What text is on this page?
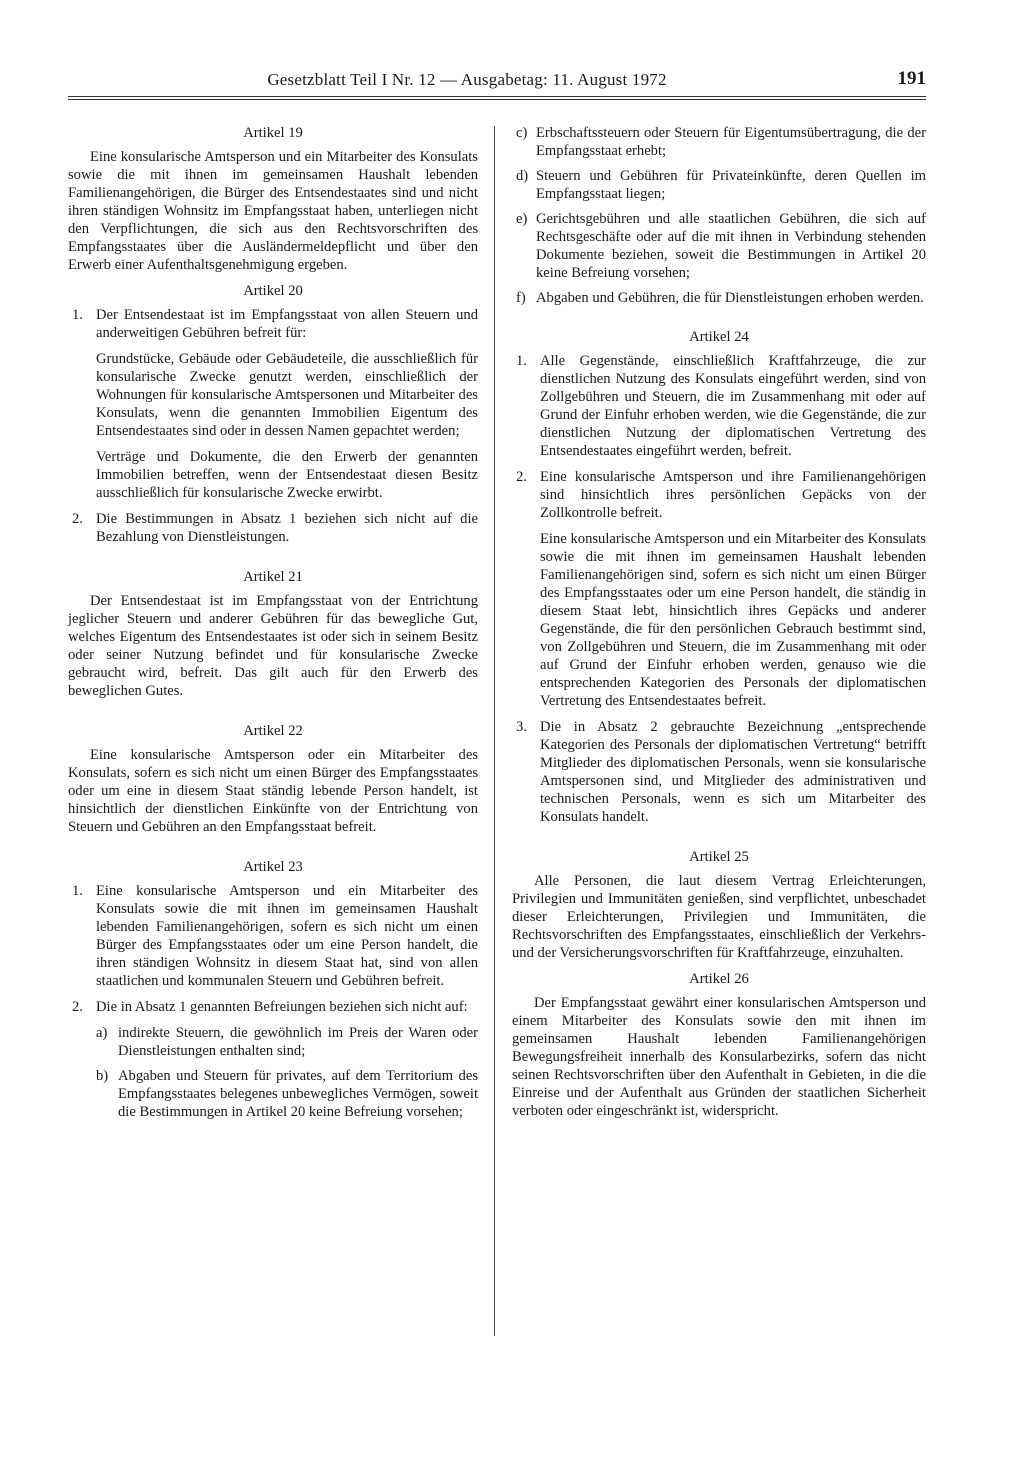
Gesetzblatt Teil I Nr. 12 — Ausgabetag: 11. August 1972	191
Artikel 19

Eine konsularische Amtsperson und ein Mitarbeiter des Konsulats sowie die mit ihnen im gemeinsamen Haushalt lebenden Familienangehörigen, die Bürger des Entsendestaates sind und nicht ihren ständigen Wohnsitz im Empfangsstaat haben, unterliegen nicht den Verpflichtungen, die sich aus den Rechtsvorschriften des Empfangsstaates über die Ausländermeldepflicht und über den Erwerb einer Aufenthaltsgenehmigung ergeben.

Artikel 20
1. Der Entsendestaat ist im Empfangsstaat von allen Steuern und anderweitigen Gebühren befreit für:

Grundstücke, Gebäude oder Gebäudeteile, die ausschließlich für konsularische Zwecke genutzt werden, einschließlich der Wohnungen für konsularische Amtspersonen und Mitarbeiter des Konsulats, wenn die genannten Immobilien Eigentum des Entsendestaates sind oder in dessen Namen gepachtet werden;

Verträge und Dokumente, die den Erwerb der genannten Immobilien betreffen, wenn der Entsendestaat diesen Besitz ausschließlich für konsularische Zwecke erwirbt.

2. Die Bestimmungen in Absatz 1 beziehen sich nicht auf die Bezahlung von Dienstleistungen.
Artikel 21

Der Entsendestaat ist im Empfangsstaat von der Entrichtung jeglicher Steuern und anderer Gebühren für das bewegliche Gut, welches Eigentum des Entsendestaates ist oder sich in seinem Besitz oder seiner Nutzung befindet und für konsularische Zwecke gebraucht wird, befreit. Das gilt auch für den Erwerb des beweglichen Gutes.

Artikel 22

Eine konsularische Amtsperson oder ein Mitarbeiter des Konsulats, sofern es sich nicht um einen Bürger des Empfangsstaates oder um eine in diesem Staat ständig lebende Person handelt, ist hinsichtlich der dienstlichen Einkünfte von der Entrichtung von Steuern und Gebühren an den Empfangsstaat befreit.

Artikel 23
1. Eine konsularische Amtsperson und ein Mitarbeiter des Konsulats sowie die mit ihnen im gemeinsamen Haushalt lebenden Familienangehörigen, sofern es sich nicht um einen Bürger des Empfangsstaates oder um eine Person handelt, die ihren ständigen Wohnsitz in diesem Staat hat, sind von allen staatlichen und kommunalen Steuern und Gebühren befreit.
2. Die in Absatz 1 genannten Befreiungen beziehen sich nicht auf:
a) indirekte Steuern, die gewöhnlich im Preis der Waren oder Dienstleistungen enthalten sind;
b) Abgaben und Steuern für privates, auf dem Territorium des Empfangsstaates belegenes unbewegliches Vermögen, soweit die Bestimmungen in Artikel 20 keine Befreiung vorsehen;
c) Erbschaftssteuern oder Steuern für Eigentumsübertragung, die der Empfangsstaat erhebt;
d) Steuern und Gebühren für Privateinkünfte, deren Quellen im Empfangsstaat liegen;
e) Gerichtsgebühren und alle staatlichen Gebühren, die sich auf Rechtsgeschäfte oder auf die mit ihnen in Verbindung stehenden Dokumente beziehen, soweit die Bestimmungen in Artikel 20 keine Befreiung vorsehen;
f) Abgaben und Gebühren, die für Dienstleistungen erhoben werden.
Artikel 24
1. Alle Gegenstände, einschließlich Kraftfahrzeuge, die zur dienstlichen Nutzung des Konsulats eingeführt werden, sind von Zollgebühren und Steuern, die im Zusammenhang mit oder auf Grund der Einfuhr erhoben werden, wie die Gegenstände, die zur dienstlichen Nutzung der diplomatischen Vertretung des Entsendestaates eingeführt werden, befreit.
2. Eine konsularische Amtsperson und ihre Familienangehörigen sind hinsichtlich ihres persönlichen Gepäcks von der Zollkontrolle befreit.

Eine konsularische Amtsperson und ein Mitarbeiter des Konsulats sowie die mit ihnen im gemeinsamen Haushalt lebenden Familienangehörigen sind, sofern es sich nicht um einen Bürger des Empfangsstaates oder um eine Person handelt, die ständig in diesem Staat lebt, hinsichtlich ihres Gepäcks und anderer Gegenstände, die für den persönlichen Gebrauch bestimmt sind, von Zollgebühren und Steuern, die im Zusammenhang mit oder auf Grund der Einfuhr erhoben werden, genauso wie die entsprechenden Kategorien des Personals der diplomatischen Vertretung des Entsendestaates befreit.

3. Die in Absatz 2 gebrauchte Bezeichnung „entsprechende Kategorien des Personals der diplomatischen Vertretung“ betrifft Mitglieder des diplomatischen Personals, wenn sie konsularische Amtspersonen sind, und Mitglieder des administrativen und technischen Personals, wenn es sich um Mitarbeiter des Konsulats handelt.
Artikel 25

Alle Personen, die laut diesem Vertrag Erleichterungen, Privilegien und Immunitäten genießen, sind verpflichtet, unbeschadet dieser Erleichterungen, Privilegien und Immunitäten, die Rechtsvorschriften des Empfangsstaates, einschließlich der Verkehrs- und der Versicherungsvorschriften für Kraftfahrzeuge, einzuhalten.

Artikel 26

Der Empfangsstaat gewährt einer konsularischen Amtsperson und einem Mitarbeiter des Konsulats sowie den mit ihnen im gemeinsamen Haushalt lebenden Familienangehörigen Bewegungsfreiheit innerhalb des Konsularbezirks, sofern das nicht seinen Rechtsvorschriften über den Aufenthalt in Gebieten, in die die Einreise und der Aufenthalt aus Gründen der staatlichen Sicherheit verboten oder eingeschränkt ist, widerspricht.
